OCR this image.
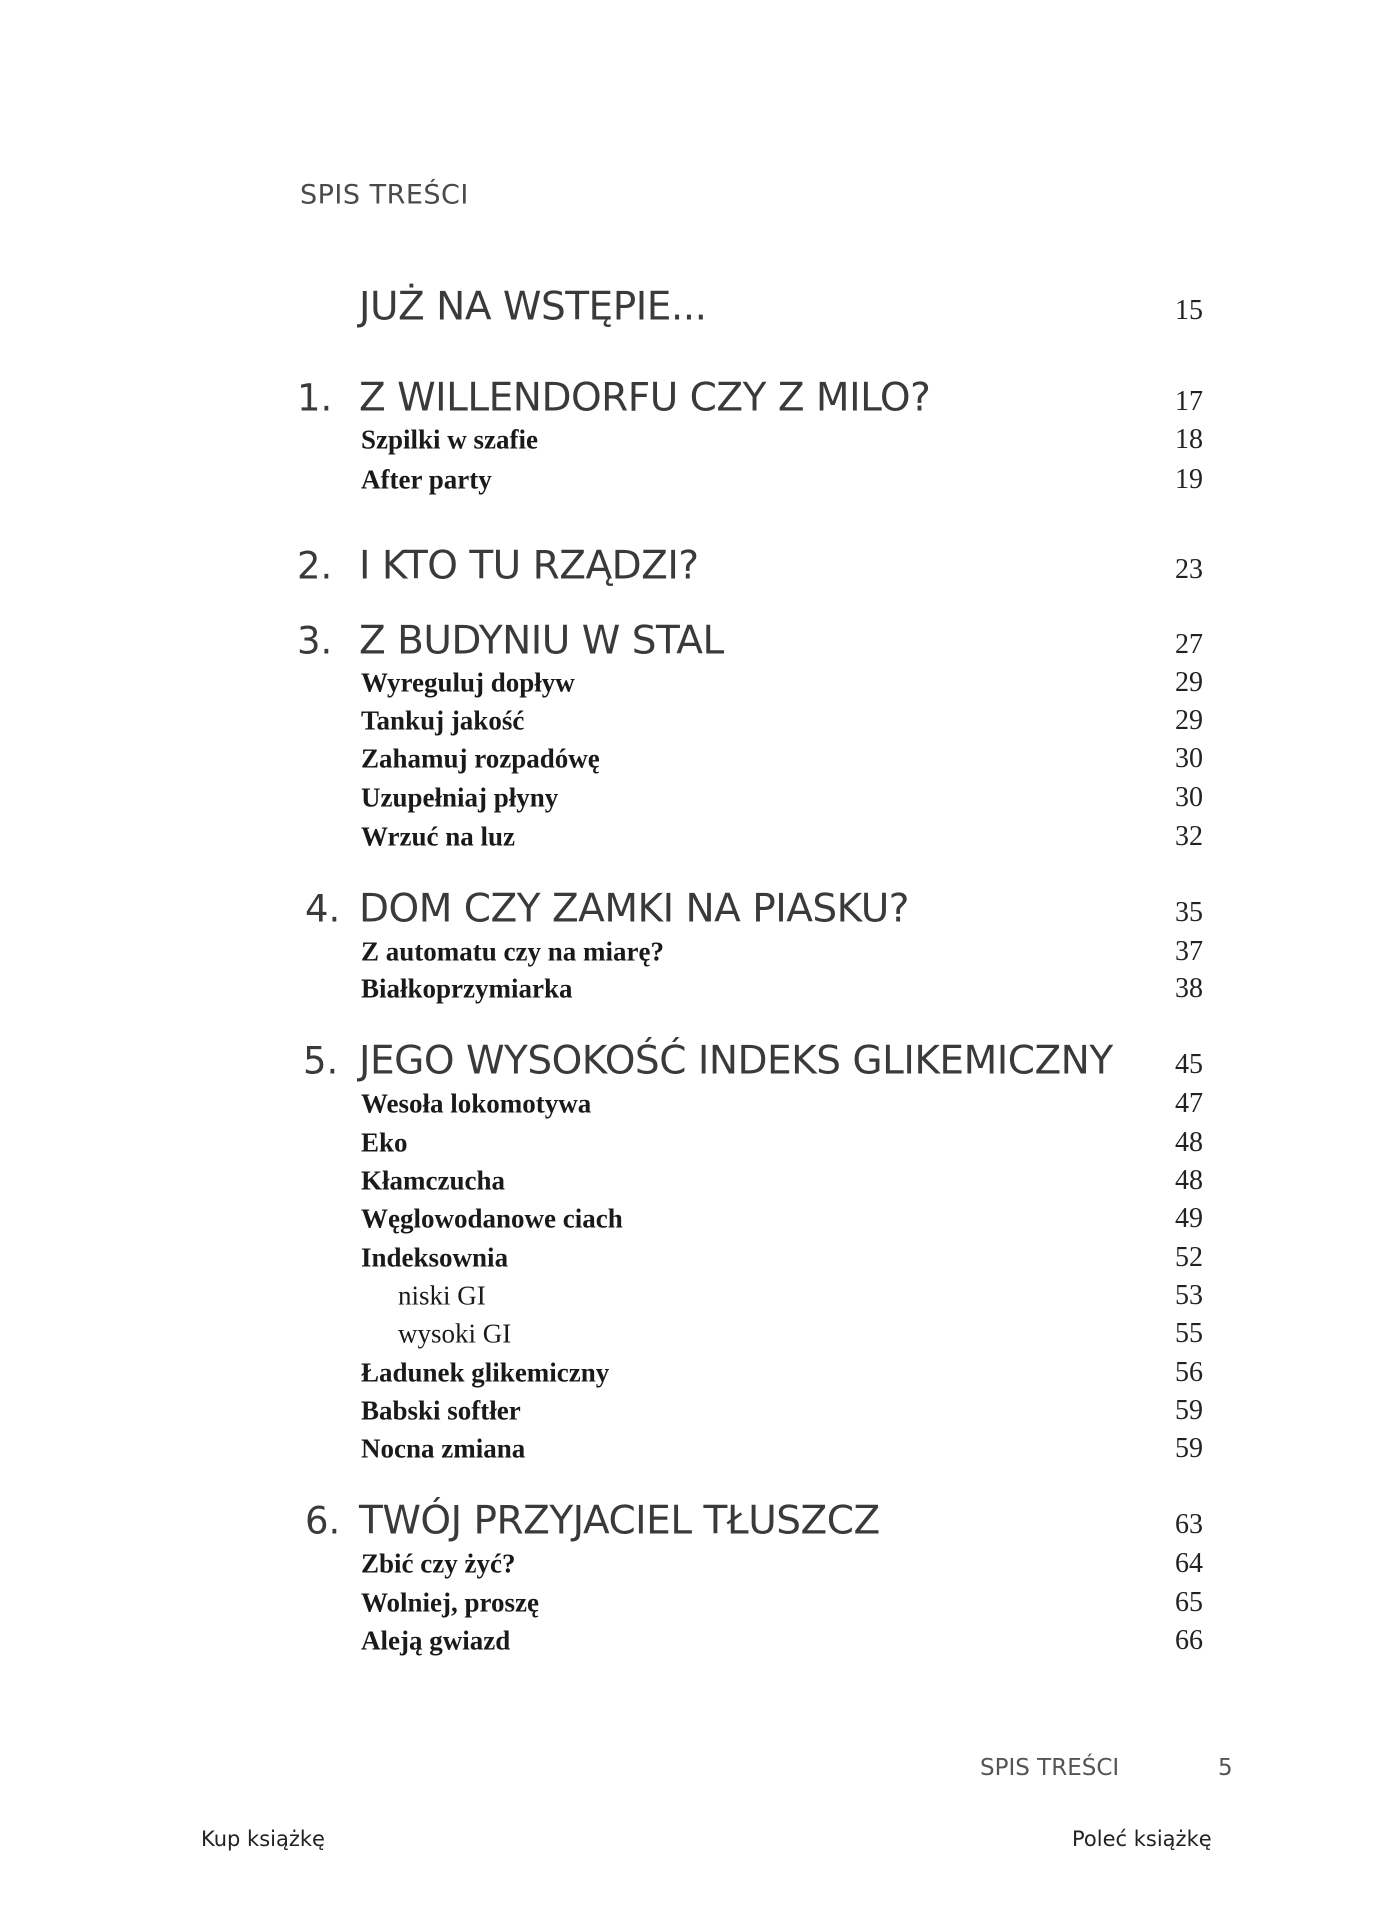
SPIS TREŚCI
JUŻ NA WSTĘPIE...	15
1. Z WILLENDORFU CZY Z MILO?	17
Szpilki w szafie	18
After party	19
2. I KTO TU RZĄDZI?	23
3. Z BUDYNIU W STAL	27
Wyreguluj dopływ	29
Tankuj jakość	29
Zahamuj rozpadówę	30
Uzupełniaj płyny	30
Wrzuć na luz	32
4. DOM CZY ZAMKI NA PIASKU?	35
Z automatu czy na miarę?	37
Białkoprzymiarka	38
5. JEGO WYSOKOŚĆ INDEKS GLIKEMICZNY 45
Wesoła lokomotywa	47
Eko	48
Kłamczucha	48
Węglowodanowe ciach	49
Indeksownia	52
niski GI	53
wysoki GI	55
Ładunek glikemiczny	56
Babski softłer	59
Nocna zmiana	59
6. TWÓJ PRZYJACIEL TŁUSZCZ	63
Zbić czy żyć?	64
Wolniej, proszę	65
Aleją gwiazd	66
SPIS TREŚCI	5
Kup książkę	Poleć książkę
